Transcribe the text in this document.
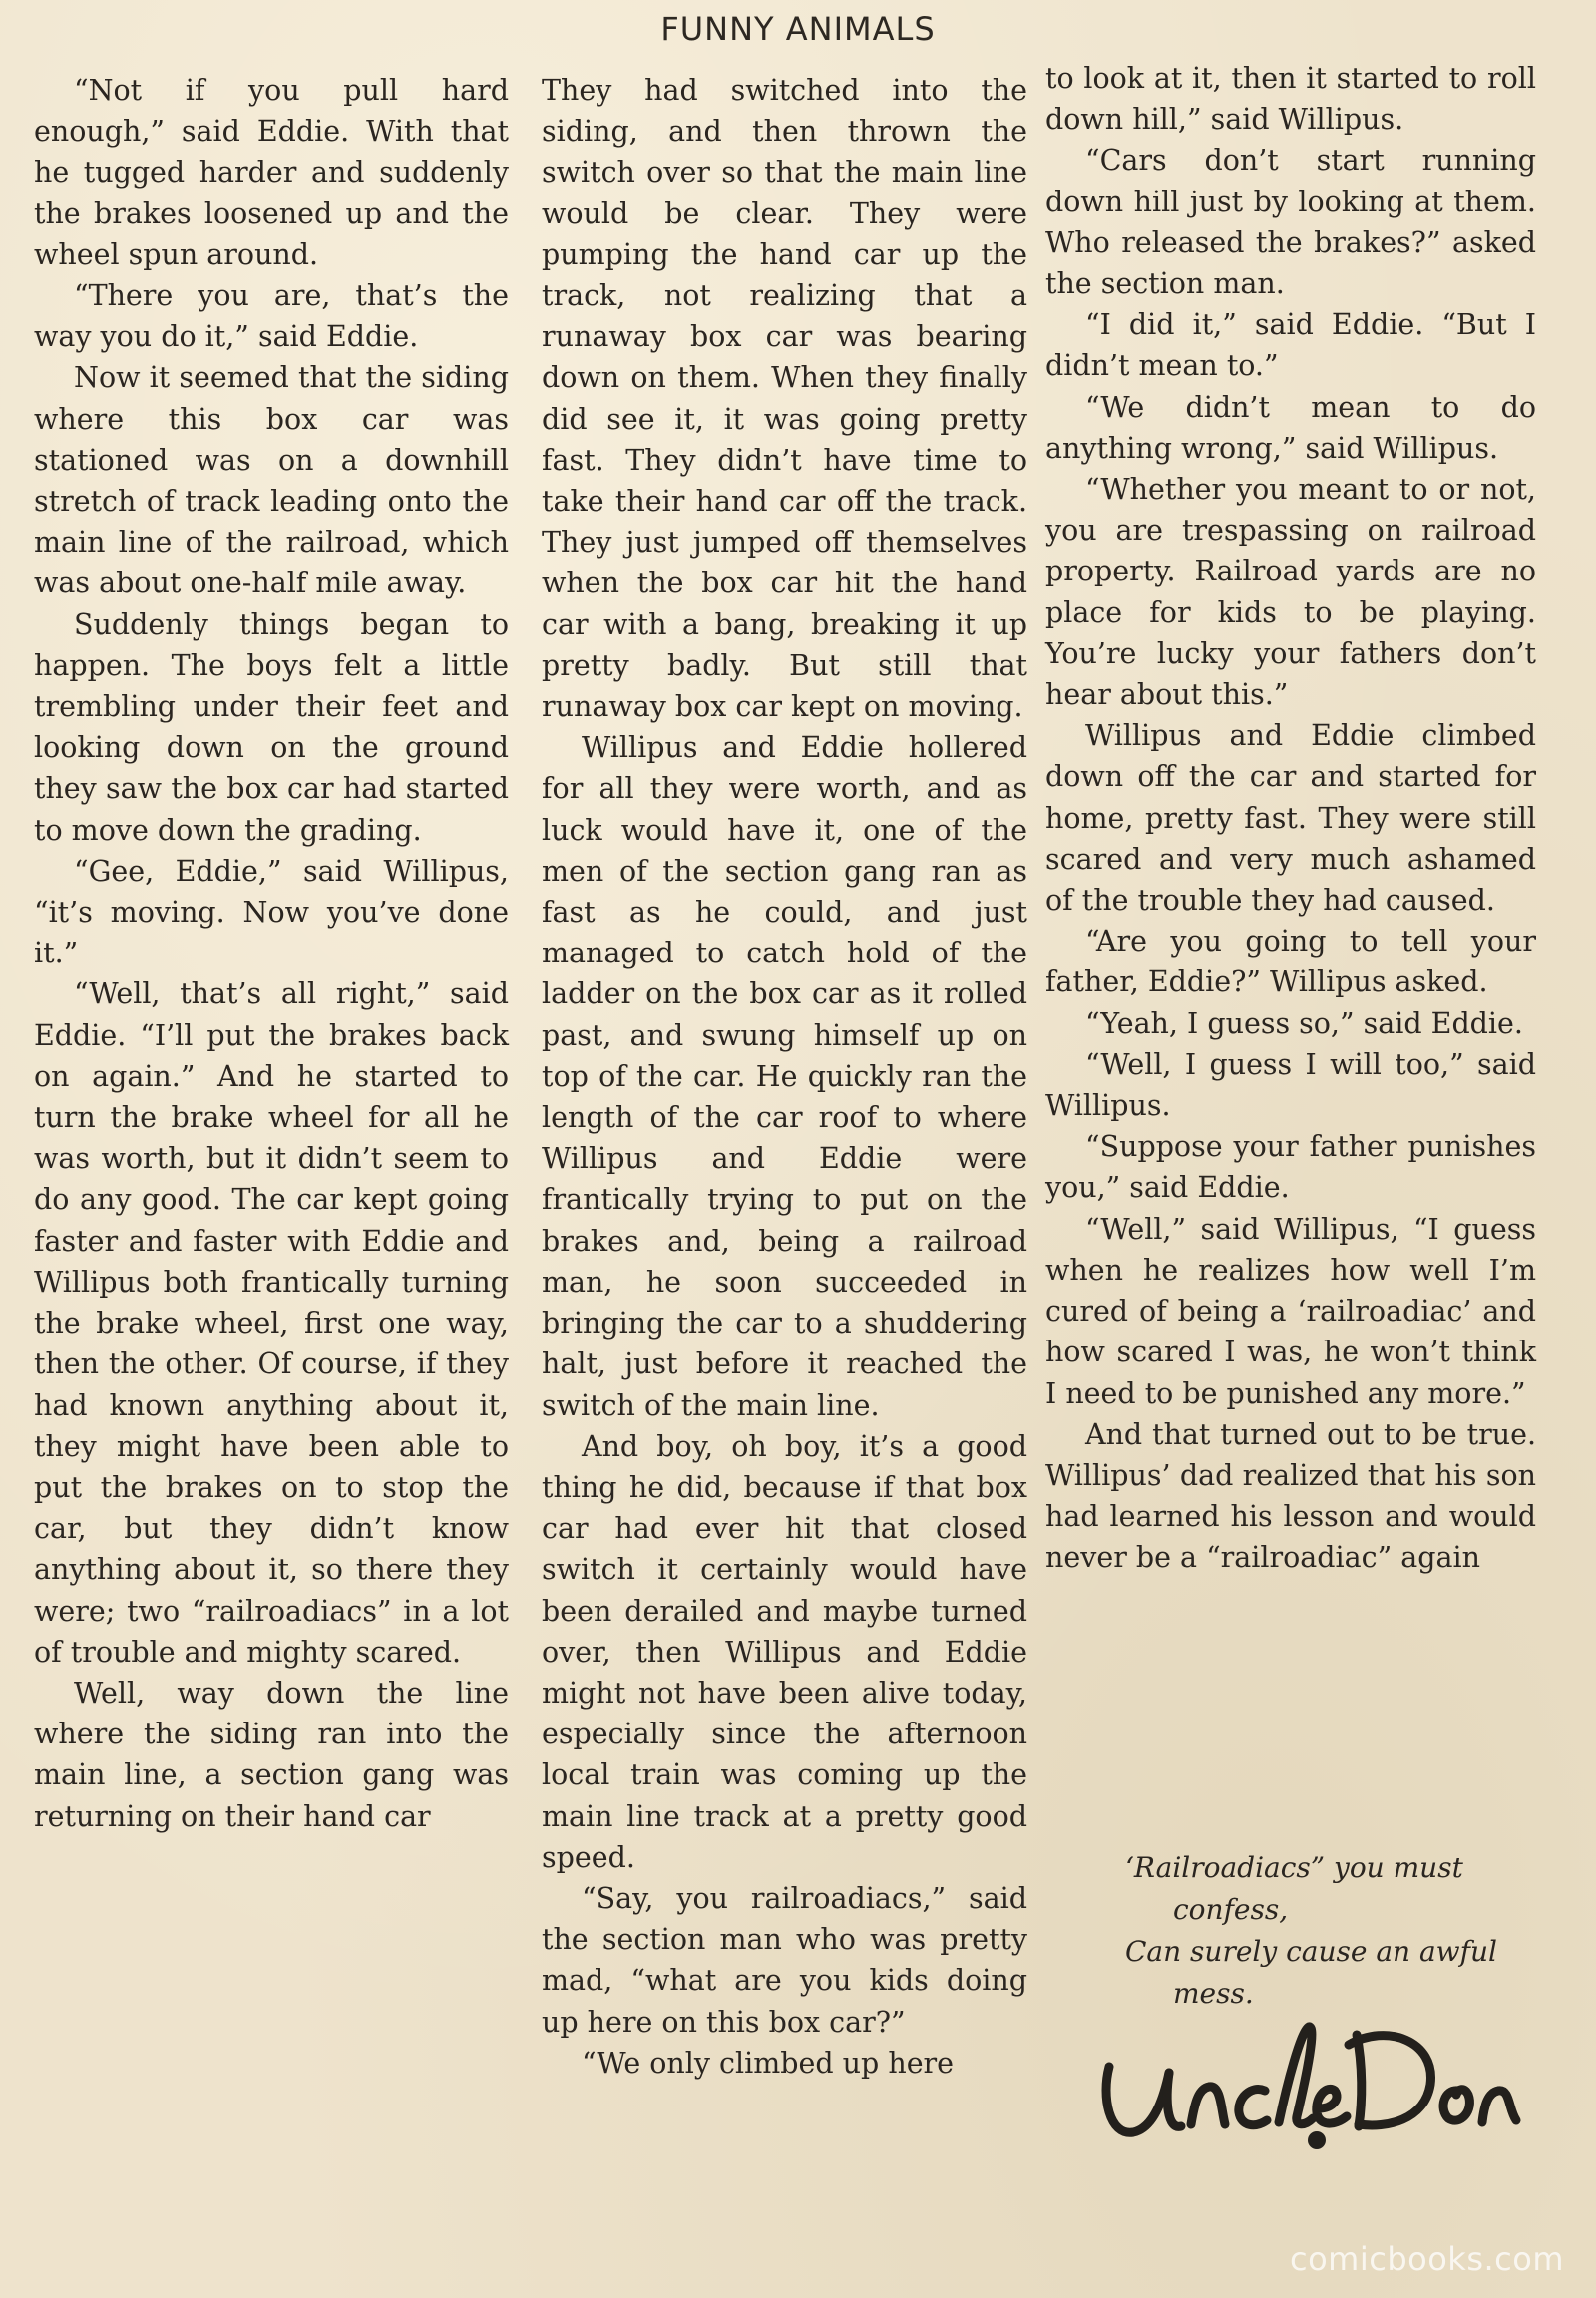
FUNNY ANIMALS

“Not if you pull hard enough,” said Eddie. With that he tugged harder and suddenly the brakes loosened up and the wheel spun around.

“There you are, that’s the way you do it,” said Eddie.

Now it seemed that the siding where this box car was stationed was on a downhill stretch of track leading onto the main line of the railroad, which was about one-half mile away.

Suddenly things began to happen. The boys felt a little trembling under their feet and looking down on the ground they saw the box car had started to move down the grading.

“Gee, Eddie,” said Willipus, “it’s moving. Now you’ve done it.”

“Well, that’s all right,” said Eddie. “I’ll put the brakes back on again.” And he started to turn the brake wheel for all he was worth, but it didn’t seem to do any good. The car kept going faster and faster with Eddie and Willipus both frantically turning the brake wheel, first one way, then the other. Of course, if they had known anything about it, they might have been able to put the brakes on to stop the car, but they didn’t know anything about it, so there they were; two “railroadiacs” in a lot of trouble and mighty scared.

Well, way down the line where the siding ran into the main line, a section gang was returning on their hand car

They had switched into the siding, and then thrown the switch over so that the main line would be clear. They were pumping the hand car up the track, not realizing that a runaway box car was bearing down on them. When they finally did see it, it was going pretty fast. They didn’t have time to take their hand car off the track. They just jumped off themselves when the box car hit the hand car with a bang, breaking it up pretty badly. But still that runaway box car kept on moving.

Willipus and Eddie hollered for all they were worth, and as luck would have it, one of the men of the section gang ran as fast as he could, and just managed to catch hold of the ladder on the box car as it rolled past, and swung himself up on top of the car. He quickly ran the length of the car roof to where Willipus and Eddie were frantically trying to put on the brakes and, being a railroad man, he soon succeeded in bringing the car to a shuddering halt, just before it reached the switch of the main line.

And boy, oh boy, it’s a good thing he did, because if that box car had ever hit that closed switch it certainly would have been derailed and maybe turned over, then Willipus and Eddie might not have been alive today, especially since the afternoon local train was coming up the main line track at a pretty good speed.

“Say, you railroadiacs,” said the section man who was pretty mad, “what are you kids doing up here on this box car?”

“We only climbed up here

to look at it, then it started to roll down hill,” said Willipus.

“Cars don’t start running down hill just by looking at them. Who released the brakes?” asked the section man.

“I did it,” said Eddie. “But I didn’t mean to.”

“We didn’t mean to do anything wrong,” said Willipus.

“Whether you meant to or not, you are trespassing on railroad property. Railroad yards are no place for kids to be playing. You’re lucky your fathers don’t hear about this.”

Willipus and Eddie climbed down off the car and started for home, pretty fast. They were still scared and very much ashamed of the trouble they had caused.

“Are you going to tell your father, Eddie?” Willipus asked.

“Yeah, I guess so,” said Eddie.

“Well, I guess I will too,” said Willipus.

“Suppose your father punishes you,” said Eddie.

“Well,” said Willipus, “I guess when he realizes how well I’m cured of being a ‘railroadiac’ and how scared I was, he won’t think I need to be punished any more.”

And that turned out to be true. Willipus’ dad realized that his son had learned his lesson and would never be a “railroadiac” again

‘Railroadiacs” you must
confess,
Can surely cause an awful
mess.
comicbooks.com
